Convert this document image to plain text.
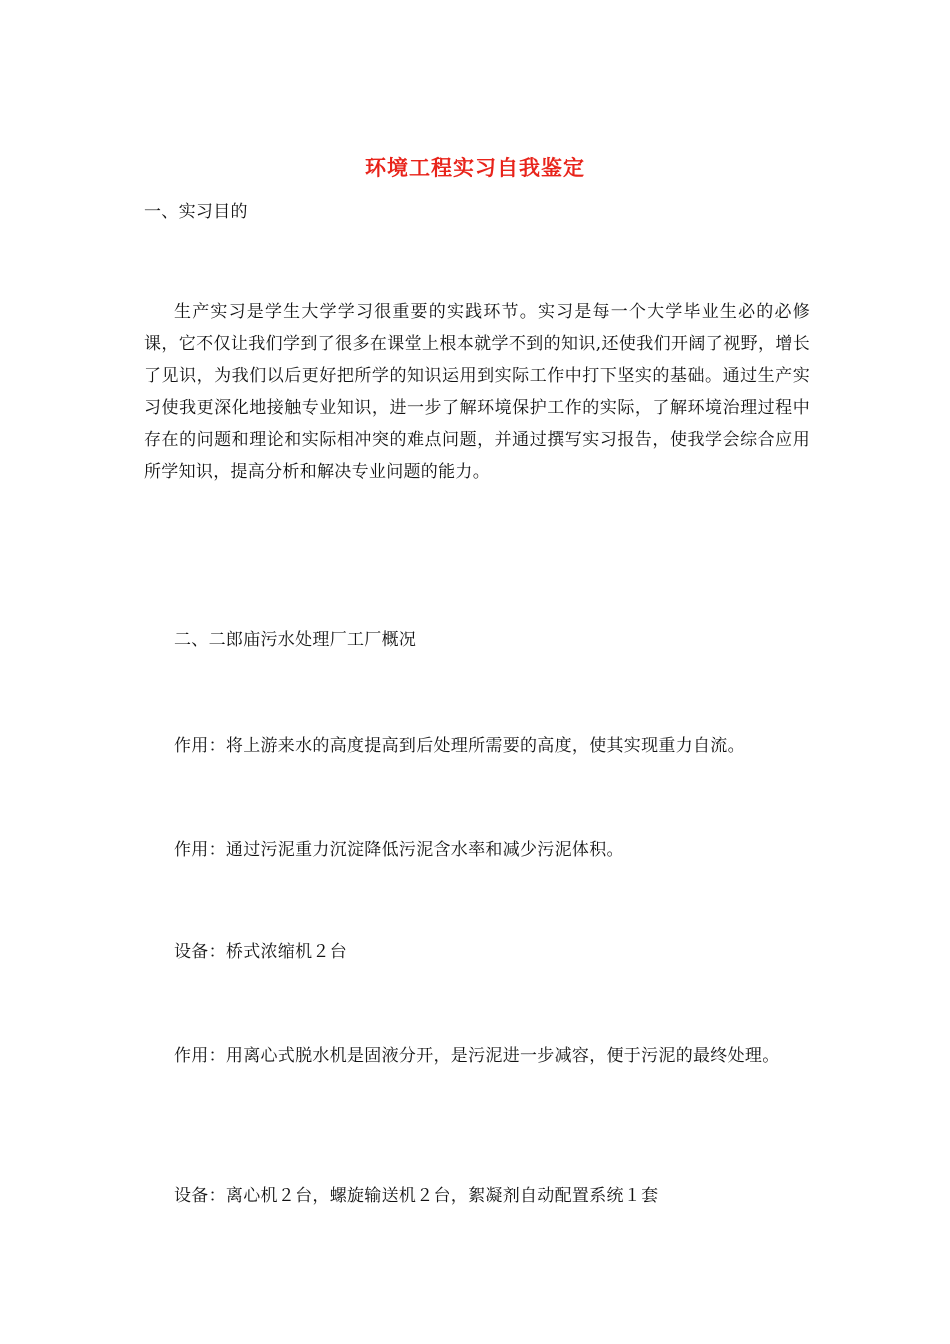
环境工程实习自我鉴定
一、实习目的
生产实习是学生大学学习很重要的实践环节。实习是每一个大学毕业生必的必修课，它不仅让我们学到了很多在课堂上根本就学不到的知识,还使我们开阔了视野，增长了见识，为我们以后更好把所学的知识运用到实际工作中打下坚实的基础。通过生产实习使我更深化地接触专业知识，进一步了解环境保护工作的实际，了解环境治理过程中存在的问题和理论和实际相冲突的难点问题，并通过撰写实习报告，使我学会综合应用所学知识，提高分析和解决专业问题的能力。
二、二郎庙污水处理厂工厂概况
作用：将上游来水的高度提高到后处理所需要的高度，使其实现重力自流。
作用：通过污泥重力沉淀降低污泥含水率和减少污泥体积。
设备：桥式浓缩机２台
作用：用离心式脱水机是固液分开，是污泥进一步减容，便于污泥的最终处理。
设备：离心机２台，螺旋输送机２台，絮凝剂自动配置系统１套
